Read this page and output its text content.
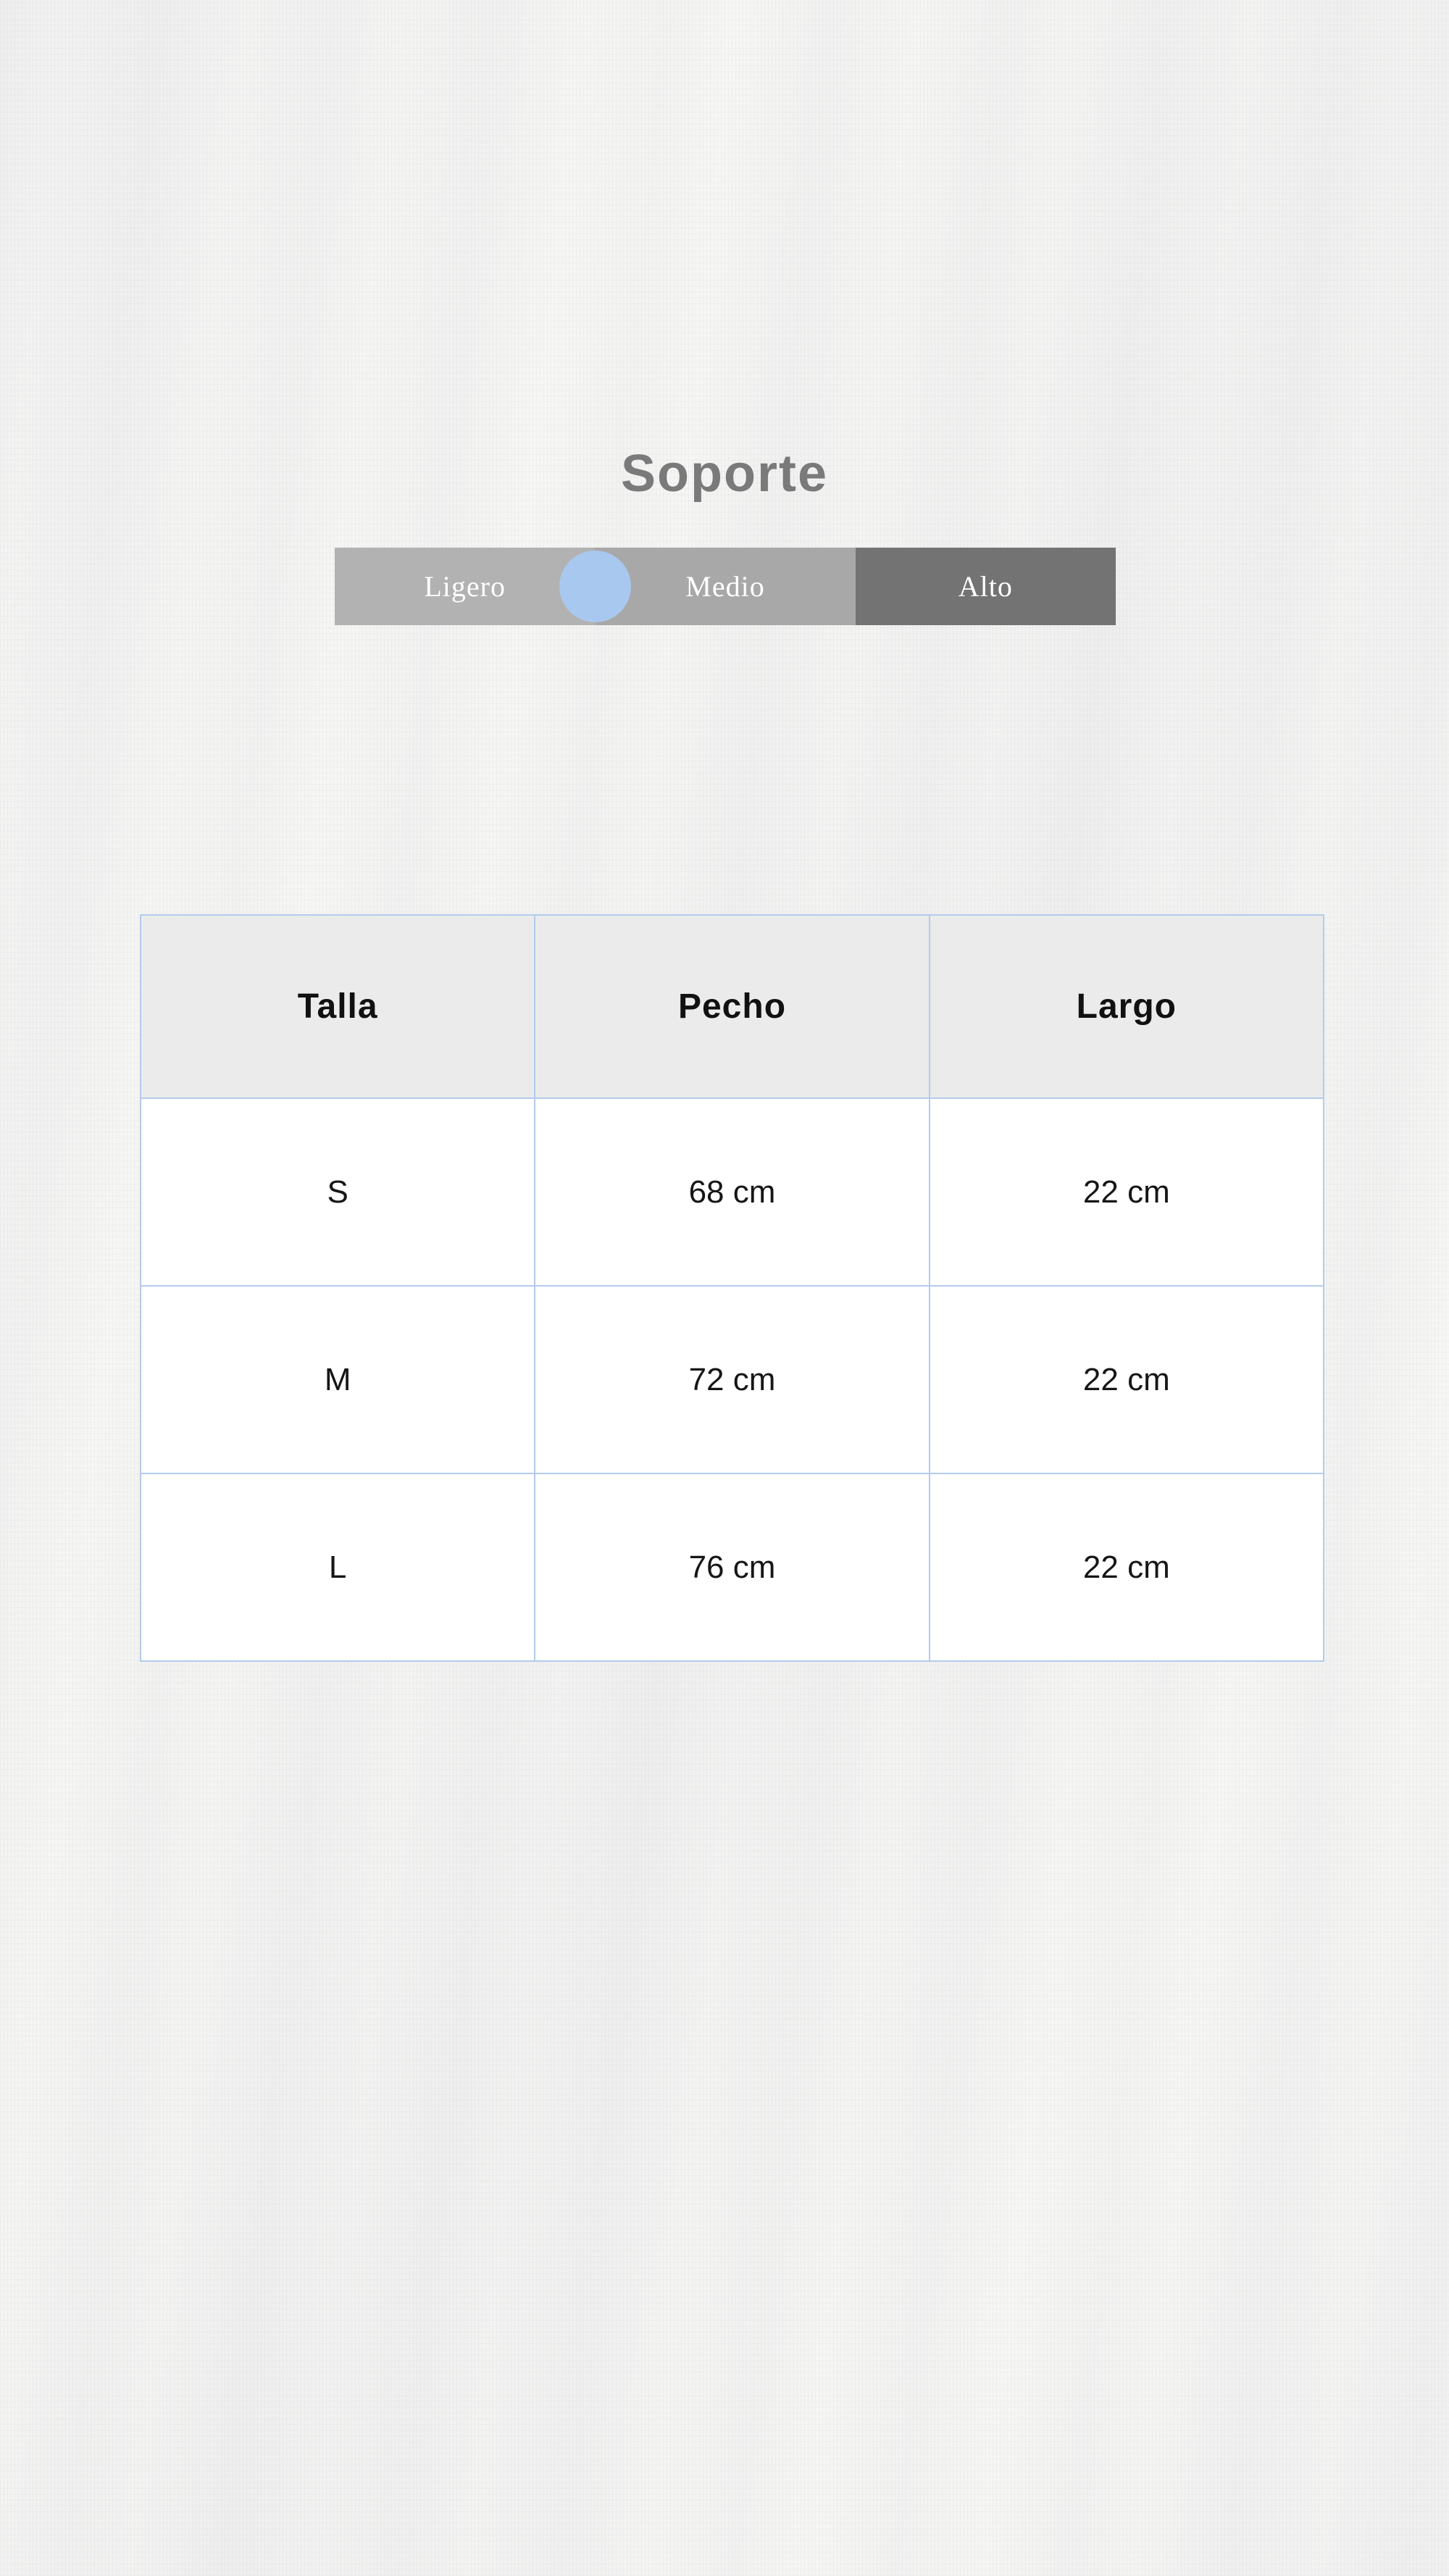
Soporte
Ligero	Medio	Alto
Talla	Pecho	Largo
S	68 cm	22 cm
M	72 cm	22 cm
L	76 cm	22 cm
